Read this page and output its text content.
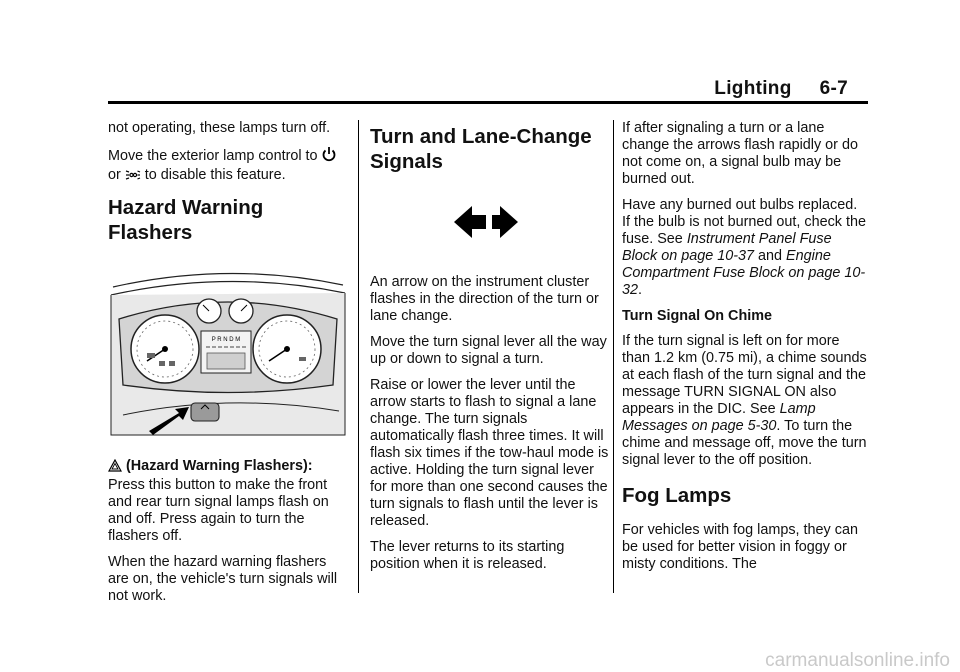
Lighting 6-7

not operating, these lamps turn off.

Move the exterior lamp control to
or to disable this feature.

Hazard Warning Flashers
P R N D M

(Hazard Warning Flashers): Press this button to make the front and rear turn signal lamps flash on and off. Press again to turn the flashers off.

When the hazard warning flashers are on, the vehicle's turn signals will not work.

Turn and Lane-Change Signals

An arrow on the instrument cluster flashes in the direction of the turn or lane change.

Move the turn signal lever all the way up or down to signal a turn.

Raise or lower the lever until the arrow starts to flash to signal a lane change. The turn signals automatically flash three times. It will flash six times if the tow-haul mode is active. Holding the turn signal lever for more than one second causes the turn signals to flash until the lever is released.

The lever returns to its starting position when it is released.

If after signaling a turn or a lane change the arrows flash rapidly or do not come on, a signal bulb may be burned out.

Have any burned out bulbs replaced. If the bulb is not burned out, check the fuse. See Instrument Panel Fuse Block on page 10-37 and Engine Compartment Fuse Block on page 10-32.

Turn Signal On Chime

If the turn signal is left on for more than 1.2 km (0.75 mi), a chime sounds at each flash of the turn signal and the message TURN SIGNAL ON also appears in the DIC. See Lamp Messages on page 5-30. To turn the chime and message off, move the turn signal lever to the off position.

Fog Lamps

For vehicles with fog lamps, they can be used for better vision in foggy or misty conditions. The

carmanualsonline.info
